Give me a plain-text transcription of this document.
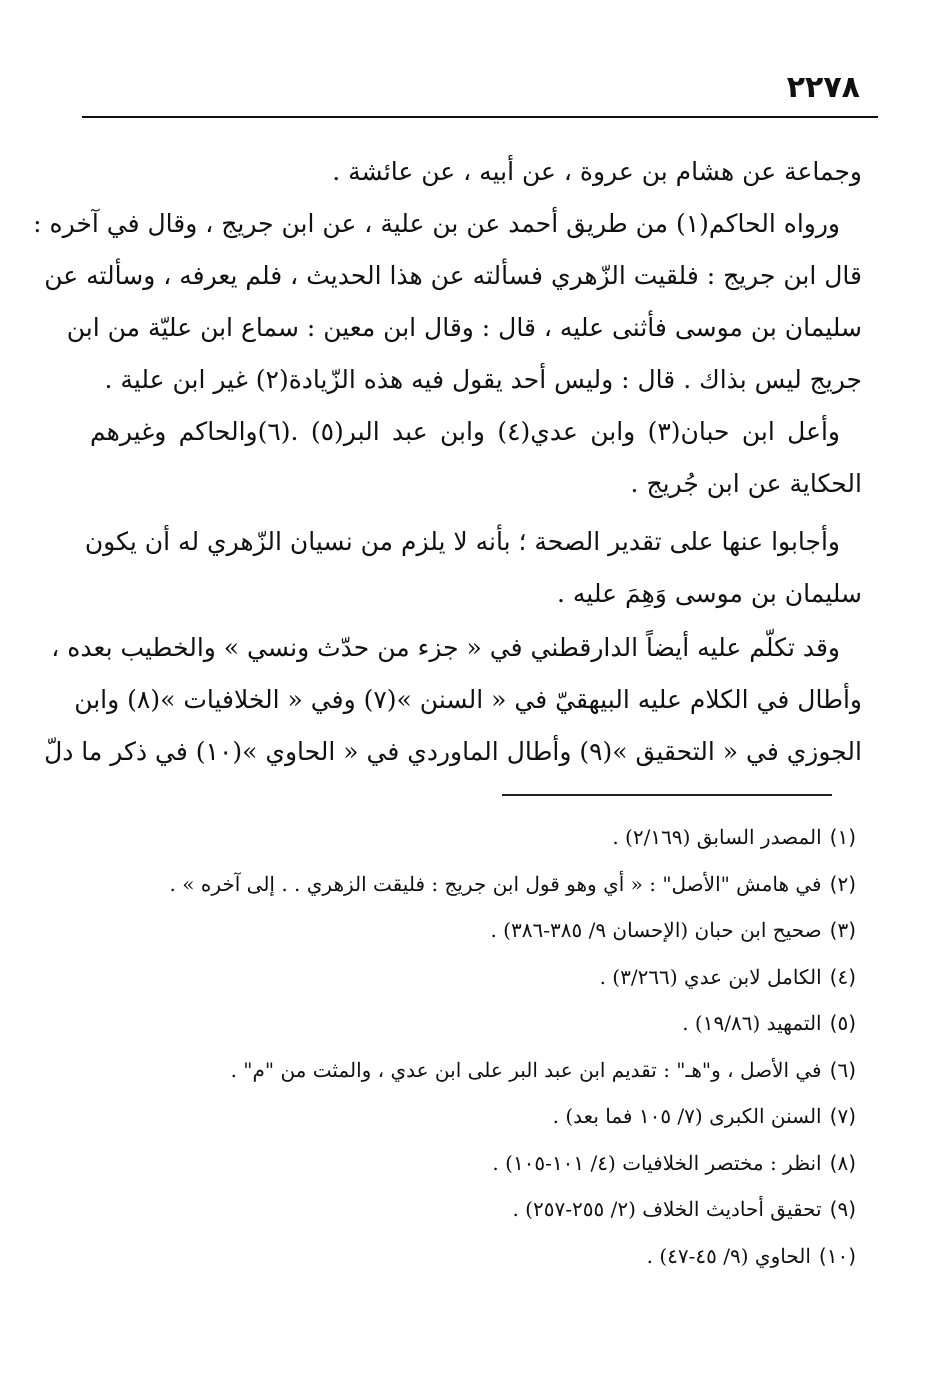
٢٢٧٨
وجماعة عن هشام بن عروة ، عن أبيه ، عن عائشة .
ورواه الحاكم(١) من طريق أحمد عن بن علية ، عن ابن جريج ، وقال في آخره :
قال ابن جريج : فلقيت الزّهري فسألته عن هذا الحديث ، فلم يعرفه ، وسألته عن
سليمان بن موسى فأثنى عليه ، قال : وقال ابن معين : سماع ابن عليّة من ابن
جريج ليس بذاك . قال : وليس أحد يقول فيه هذه الزّيادة(٢) غير ابن علية .
وأعل ابن حبان(٣) وابن عدي(٤) وابن عبد البر(٥) .(٦)والحاكم وغيرهم
الحكاية عن ابن جُريج .
وأجابوا عنها على تقدير الصحة ؛ بأنه لا يلزم من نسيان الزّهري له أن يكون
سليمان بن موسى وَهِمَ عليه .
وقد تكلّم عليه أيضاً الدارقطني في « جزء من حدّث ونسي » والخطيب بعده ،
وأطال في الكلام عليه البيهقيّ في « السنن »(٧) وفي « الخلافيات »(٨) وابن
الجوزي في « التحقيق »(٩) وأطال الماوردي في « الحاوي »(١٠) في ذكر ما دلّ
(١)المصدر السابق (٢/١٦٩) .
(٢)في هامش "الأصل" : « أي وهو قول ابن جريج : فليقت الزهري . . إلى آخره » .
(٣)صحيح ابن حبان (الإحسان ٩/ ٣٨٥-٣٨٦) .
(٤)الكامل لابن عدي (٣/٢٦٦) .
(٥)التمهيد (١٩/٨٦) .
(٦)في الأصل ، و"هـ" : تقديم ابن عبد البر على ابن عدي ، والمثت من "م" .
(٧)السنن الكبرى (٧/ ١٠٥ فما بعد) .
(٨)انظر : مختصر الخلافيات (٤/ ١٠١-١٠٥) .
(٩)تحقيق أحاديث الخلاف (٢/ ٢٥٥-٢٥٧) .
(١٠)الحاوي (٩/ ٤٥-٤٧) .
